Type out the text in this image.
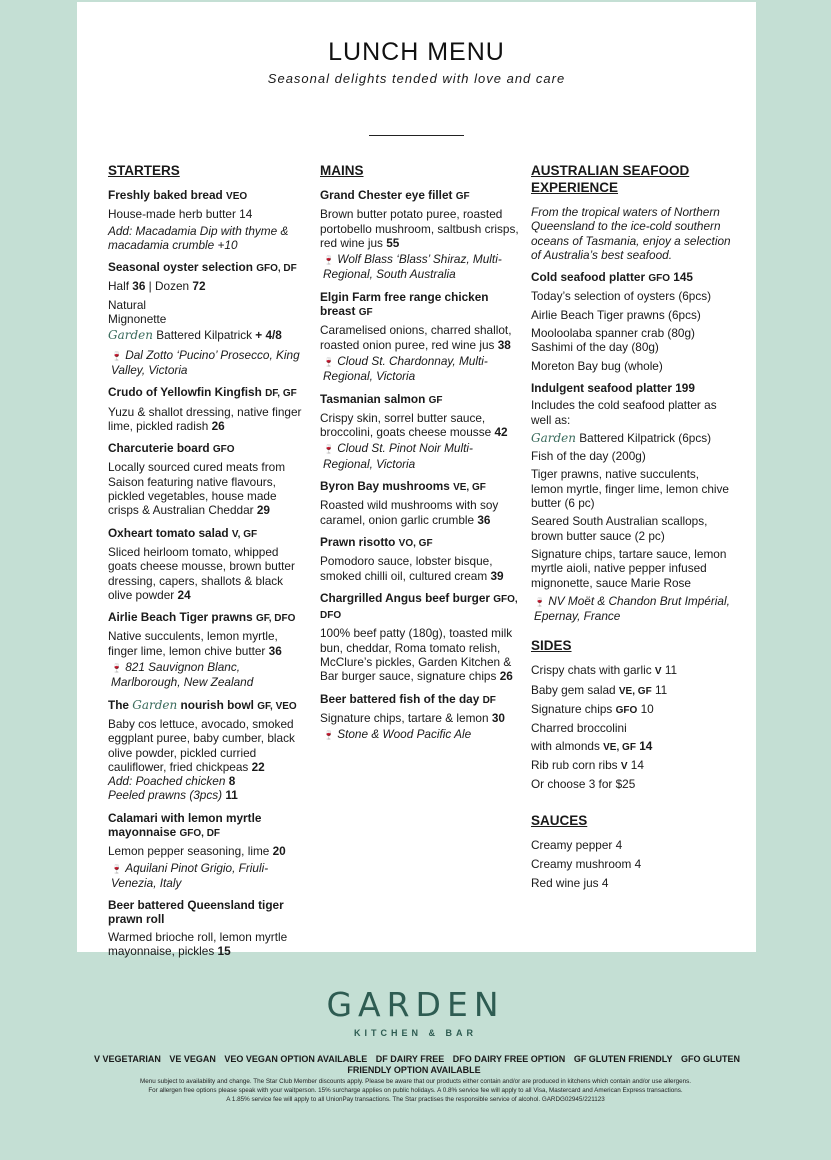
LUNCH MENU
Seasonal delights tended with love and care
STARTERS
Freshly baked bread VEO
House-made herb butter 14
Add: Macadamia Dip with thyme & macadamia crumble +10
Seasonal oyster selection GFO, DF
Half 36 | Dozen 72
Natural
Mignonette
Garden Battered Kilpatrick + 4/8
🍷 Dal Zotto ‘Pucino’ Prosecco, King Valley, Victoria
Crudo of Yellowfin Kingfish DF, GF
Yuzu & shallot dressing, native finger lime, pickled radish 26
Charcuterie board GFO
Locally sourced cured meats from Saison featuring native flavours, pickled vegetables, house made crisps & Australian Cheddar 29
Oxheart tomato salad V, GF
Sliced heirloom tomato, whipped goats cheese mousse, brown butter dressing, capers, shallots & black olive powder 24
Airlie Beach Tiger prawns GF, DFO
Native succulents, lemon myrtle, finger lime, lemon chive butter 36
🍷 821 Sauvignon Blanc, Marlborough, New Zealand
The Garden nourish bowl GF, VEO
Baby cos lettuce, avocado, smoked eggplant puree, baby cumber, black olive powder, pickled curried cauliflower, fried chickpeas 22
Add: Poached chicken 8
Peeled prawns (3pcs) 11
Calamari with lemon myrtle mayonnaise GFO, DF
Lemon pepper seasoning, lime 20
🍷 Aquilani Pinot Grigio, Friuli-Venezia, Italy
Beer battered Queensland tiger prawn roll
Warmed brioche roll, lemon myrtle mayonnaise, pickles 15
MAINS
Grand Chester eye fillet GF
Brown butter potato puree, roasted portobello mushroom, saltbush crisps, red wine jus 55
🍷 Wolf Blass ‘Blass’ Shiraz, Multi-Regional, South Australia
Elgin Farm free range chicken breast GF
Caramelised onions, charred shallot, roasted onion puree, red wine jus 38
🍷 Cloud St. Chardonnay, Multi-Regional, Victoria
Tasmanian salmon GF
Crispy skin, sorrel butter sauce, broccolini, goats cheese mousse 42
🍷 Cloud St. Pinot Noir Multi-Regional, Victoria
Byron Bay mushrooms VE, GF
Roasted wild mushrooms with soy caramel, onion garlic crumble 36
Prawn risotto VO, GF
Pomodoro sauce, lobster bisque, smoked chilli oil, cultured cream 39
Chargrilled Angus beef burger GFO, DFO
100% beef patty (180g), toasted milk bun, cheddar, Roma tomato relish, McClure’s pickles, Garden Kitchen & Bar burger sauce, signature chips 26
Beer battered fish of the day DF
Signature chips, tartare & lemon 30
🍷 Stone & Wood Pacific Ale
AUSTRALIAN SEAFOOD EXPERIENCE
From the tropical waters of Northern Queensland to the ice-cold southern oceans of Tasmania, enjoy a selection of Australia’s best seafood.
Cold seafood platter GFO 145
Today’s selection of oysters (6pcs)
Airlie Beach Tiger prawns (6pcs)
Mooloolaba spanner crab (80g)
Sashimi of the day (80g)
Moreton Bay bug (whole)
Indulgent seafood platter 199
Includes the cold seafood platter as well as:
Garden Battered Kilpatrick (6pcs)
Fish of the day (200g)
Tiger prawns, native succulents, lemon myrtle, finger lime, lemon chive butter (6 pc)
Seared South Australian scallops, brown butter sauce (2 pc)
Signature chips, tartare sauce, lemon myrtle aioli, native pepper infused mignonette, sauce Marie Rose
🍷 NV Moët & Chandon Brut Impérial, Epernay, France
SIDES
Crispy chats with garlic V 11
Baby gem salad VE, GF 11
Signature chips GFO 10
Charred broccolini
with almonds VE, GF 14
Rib rub corn ribs V 14
Or choose 3 for $25
SAUCES
Creamy pepper 4
Creamy mushroom 4
Red wine jus 4
GARDEN
KITCHEN & BAR
V VEGETARIAN VE VEGAN VEO VEGAN OPTION AVAILABLE DF DAIRY FREE DFO DAIRY FREE OPTION GF GLUTEN FRIENDLY GFO GLUTEN FRIENDLY OPTION AVAILABLE
Menu subject to availability and change. The Star Club Member discounts apply. Please be aware that our products either contain and/or are produced in kitchens which contain and/or use allergens.
For allergen free options please speak with your waitperson. 15% surcharge applies on public holidays. A 0.8% service fee will apply to all Visa, Mastercard and American Express transactions.
A 1.85% service fee will apply to all UnionPay transactions. The Star practises the responsible service of alcohol. GARDG02945/221123
